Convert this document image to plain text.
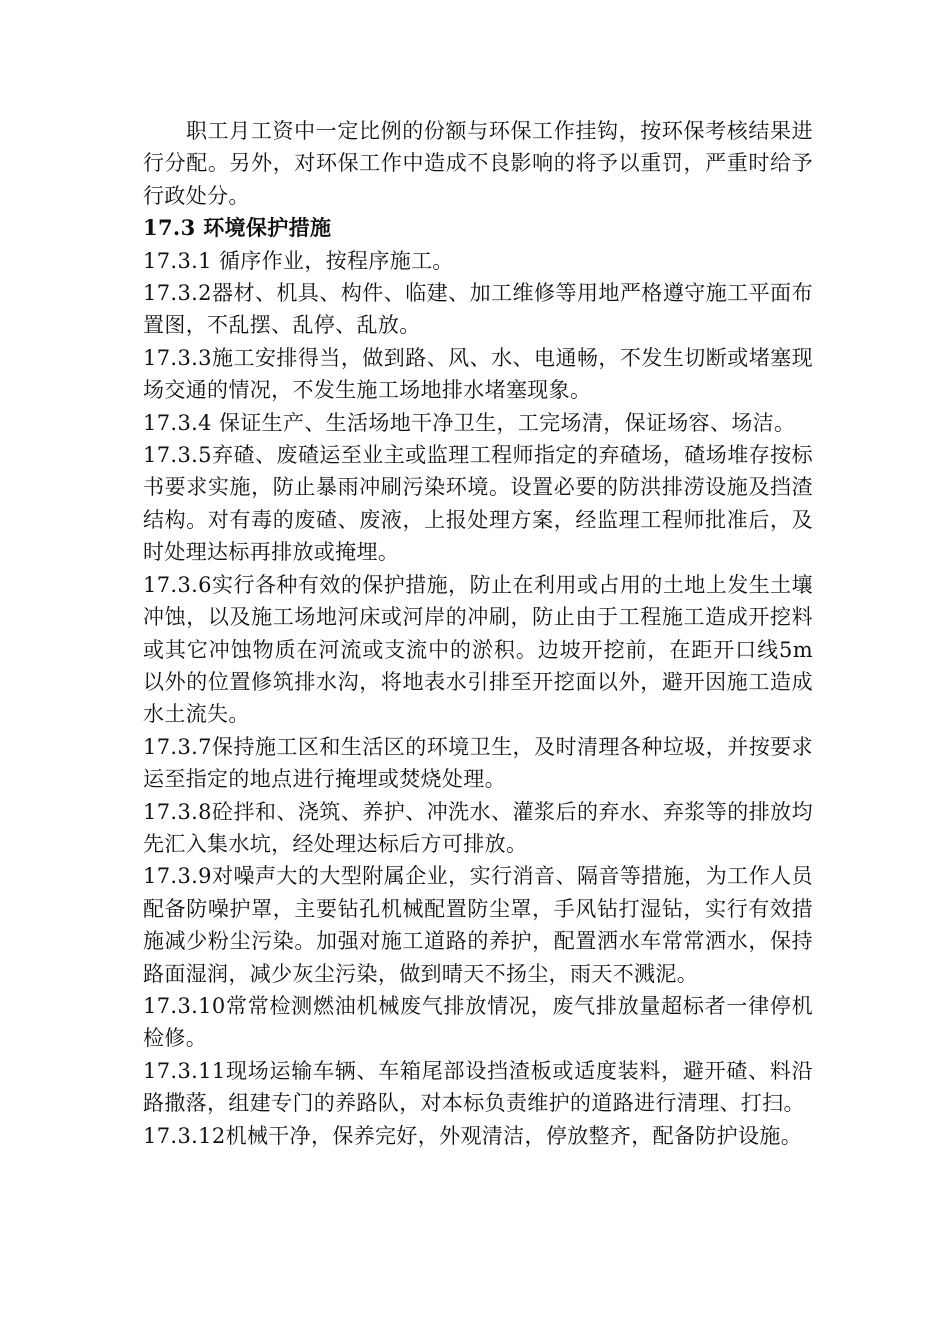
职工月工资中一定比例的份额与环保工作挂钩，按环保考核结果进行分配。另外，对环保工作中造成不良影响的将予以重罚，严重时给予行政处分。

17.3 环境保护措施

17.3.1 循序作业，按程序施工。

17.3.2器材、机具、构件、临建、加工维修等用地严格遵守施工平面布置图，不乱摆、乱停、乱放。

17.3.3施工安排得当，做到路、风、水、电通畅，不发生切断或堵塞现场交通的情况，不发生施工场地排水堵塞现象。

17.3.4 保证生产、生活场地干净卫生，工完场清，保证场容、场洁。

17.3.5弃碴、废碴运至业主或监理工程师指定的弃碴场，碴场堆存按标书要求实施，防止暴雨冲刷污染环境。设置必要的防洪排涝设施及挡渣结构。对有毒的废碴、废液，上报处理方案，经监理工程师批准后，及时处理达标再排放或掩埋。

17.3.6实行各种有效的保护措施，防止在利用或占用的土地上发生土壤冲蚀，以及施工场地河床或河岸的冲刷，防止由于工程施工造成开挖料或其它冲蚀物质在河流或支流中的淤积。边坡开挖前，在距开口线5m以外的位置修筑排水沟，将地表水引排至开挖面以外，避开因施工造成水土流失。

17.3.7保持施工区和生活区的环境卫生，及时清理各种垃圾，并按要求运至指定的地点进行掩埋或焚烧处理。

17.3.8砼拌和、浇筑、养护、冲洗水、灌浆后的弃水、弃浆等的排放均先汇入集水坑，经处理达标后方可排放。

17.3.9对噪声大的大型附属企业，实行消音、隔音等措施，为工作人员配备防噪护罩，主要钻孔机械配置防尘罩，手风钻打湿钻，实行有效措施减少粉尘污染。加强对施工道路的养护，配置洒水车常常洒水，保持路面湿润，减少灰尘污染，做到晴天不扬尘，雨天不溅泥。

17.3.10常常检测燃油机械废气排放情况，废气排放量超标者一律停机检修。

17.3.11现场运输车辆、车箱尾部设挡渣板或适度装料，避开碴、料沿路撒落，组建专门的养路队，对本标负责维护的道路进行清理、打扫。

17.3.12机械干净，保养完好，外观清洁，停放整齐，配备防护设施。
